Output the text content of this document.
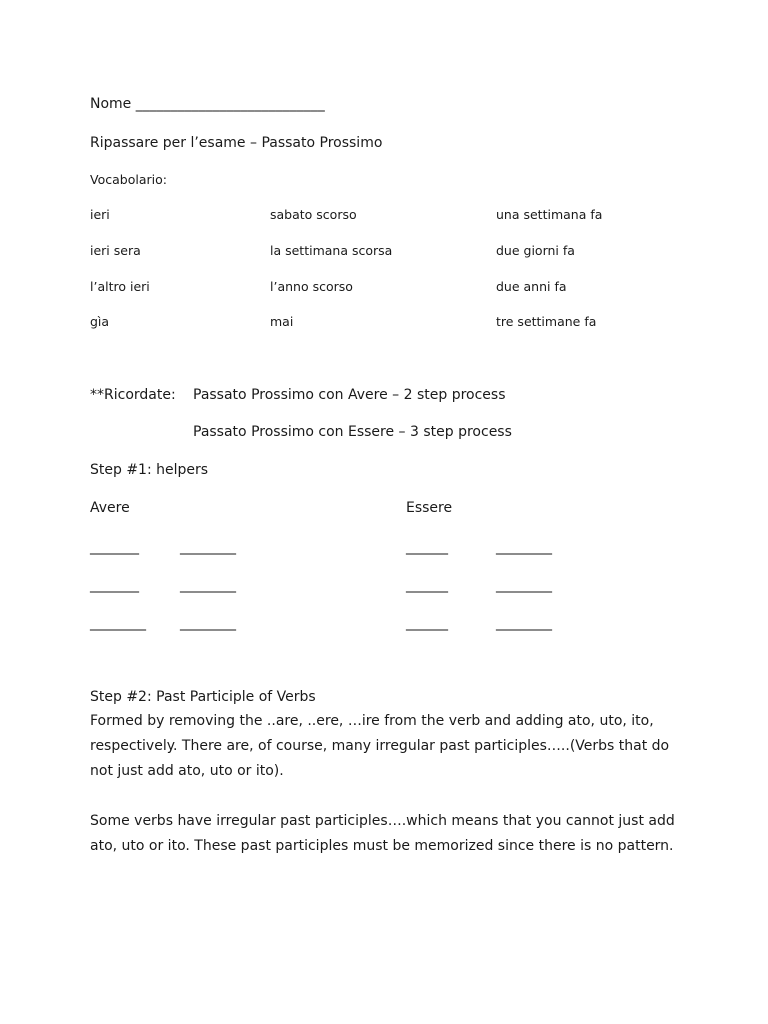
Nome ___________________________
Ripassare per l’esame – Passato Prossimo
Vocabolario:
ieri	sabato scorso	una settimana fa
ieri sera	la settimana scorsa	due giorni fa
l’altro ieri	l’anno scorso	due anni fa
gìa	mai	tre settimane fa
**Ricordate: Passato Prossimo con Avere – 2 step process
Passato Prossimo con Essere – 3 step process
Step #1: helpers
Avere	Essere
_______	________	______	________
_______	________	______	________
________ ________	______	________
Step #2: Past Participle of Verbs
Formed by removing the ..are, ..ere, …ire from the verb and adding ato, uto, ito, respectively. There are, of course, many irregular past participles…..(Verbs that do not just add ato, uto or ito).
Some verbs have irregular past participles….which means that you cannot just add ato, uto or ito. These past participles must be memorized since there is no pattern.
